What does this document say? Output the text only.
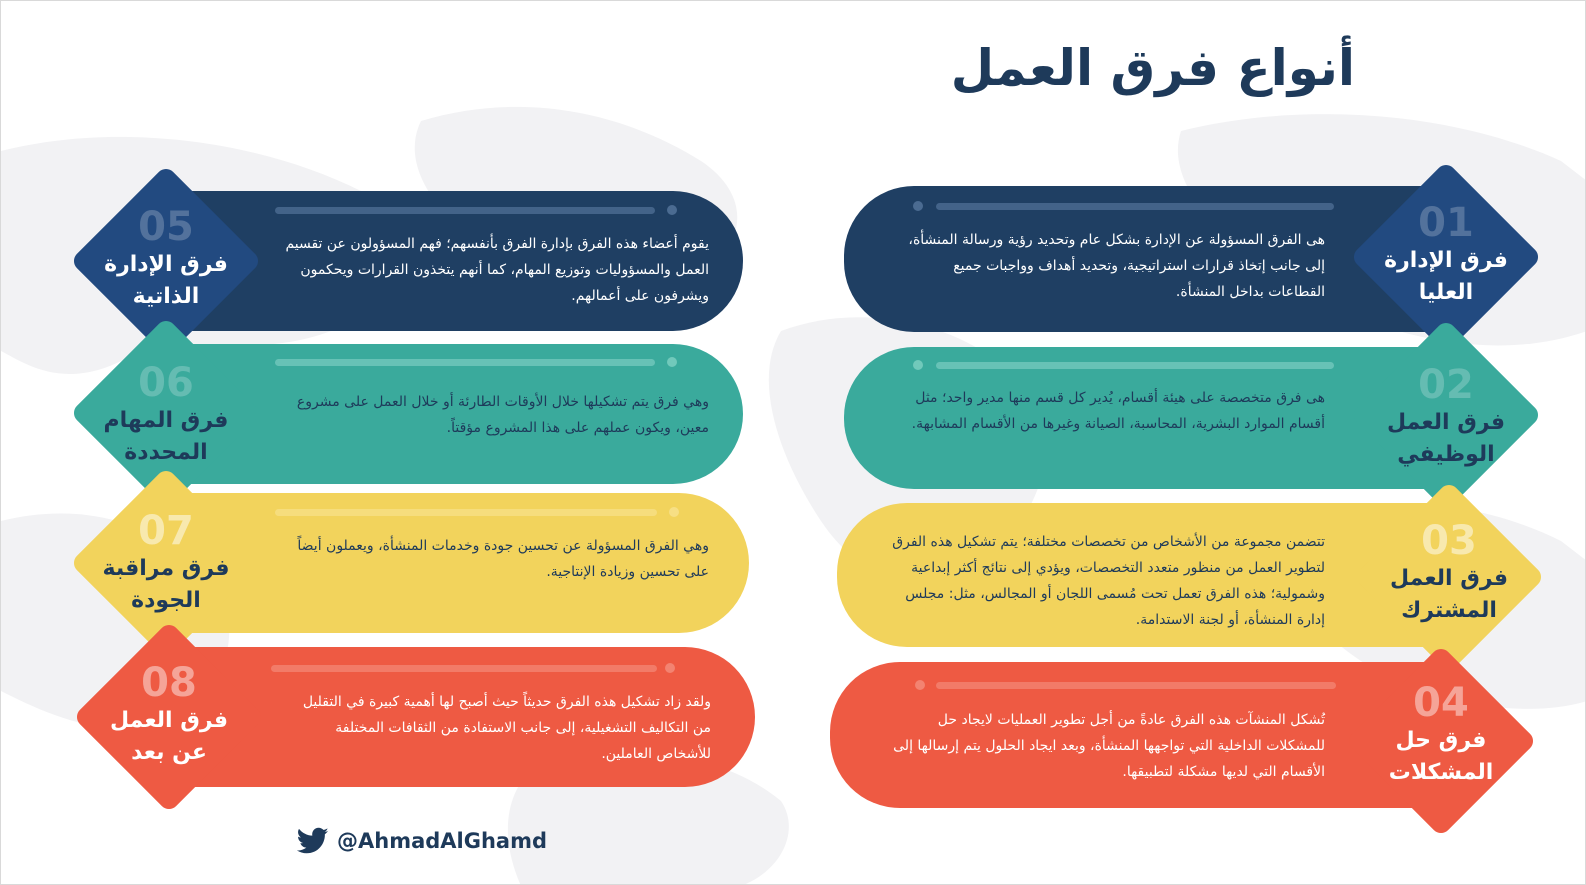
أنواع فرق العمل

هى الفرق المسؤولة عن الإدارة بشكل عام وتحديد رؤية ورسالة المنشأة، إلى جانب إتخاذ قرارات استراتيجية، وتحديد أهداف وواجبات جميع القطاعات بداخل المنشأة.

01
فرق الإدارة
العليا

هى فرق متخصصة على هيئة أقسام، يُدير كل قسم منها مدير واحد؛ مثل أقسام الموارد البشرية، المحاسبة، الصيانة وغيرها من الأقسام المشابهة.

02
فرق العمل
الوظيفي

تتضمن مجموعة من الأشخاص من تخصصات مختلفة؛ يتم تشكيل هذه الفرق لتطوير العمل من منظور متعدد التخصصات، ويؤدي إلى نتائج أكثر إبداعية وشمولية؛ هذه الفرق تعمل تحت مُسمى اللجان أو المجالس، مثل: مجلس إدارة المنشأة، أو لجنة الاستدامة.

03
فرق العمل
المشترك

تُشكل المنشآت هذه الفرق عادةً من أجل تطوير العمليات لايجاد حل للمشكلات الداخلية التي تواجهها المنشأة، وبعد ايجاد الحلول يتم إرسالها إلى الأقسام التي لديها مشكلة لتطبيقها.

04
فرق حل
المشكلات

يقوم أعضاء هذه الفرق بإدارة الفرق بأنفسهم؛ فهم المسؤولون عن تقسيم العمل والمسؤوليات وتوزيع المهام، كما أنهم يتخذون القرارات ويحكمون ويشرفون على أعمالهم.

05
فرق الإدارة
الذاتية

وهي فرق يتم تشكيلها خلال الأوقات الطارئة أو خلال العمل على مشروع معين، ويكون عملهم على هذا المشروع مؤقتاً.

06
فرق المهام
المحددة

وهي الفرق المسؤولة عن تحسين جودة وخدمات المنشأة، ويعملون أيضاً على تحسين وزيادة الإنتاجية.

07
فرق مراقبة
الجودة

ولقد زاد تشكيل هذه الفرق حديثاً حيث أصبح لها أهمية كبيرة في التقليل من التكاليف التشغيلية، إلى جانب الاستفادة من الثقافات المختلفة للأشخاص العاملين.

08
فرق العمل
عن بعد
@AhmadAlGhamd
